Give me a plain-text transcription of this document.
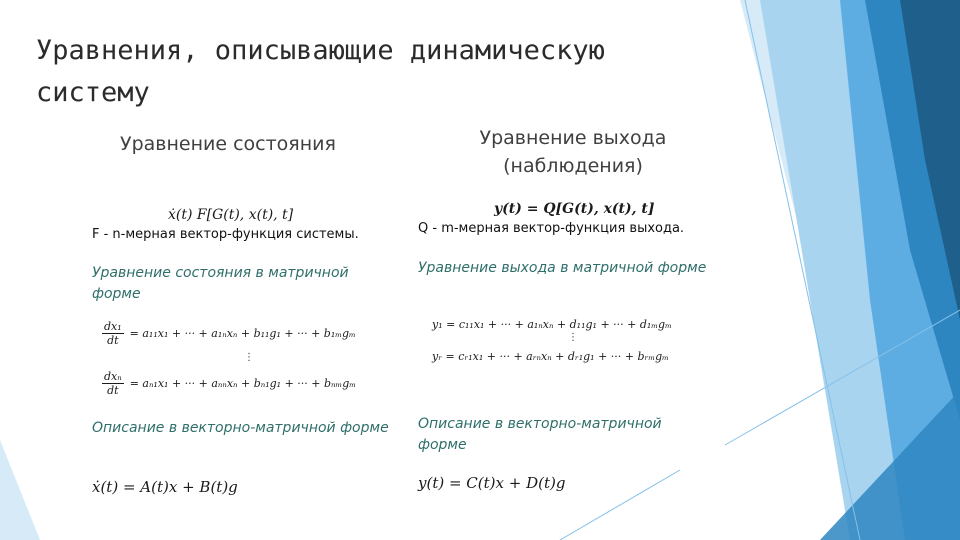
Уравнения, описывающие динамическую систему
Уравнение состояния
ẋ(t) F[G(t), x(t), t]
F - n-мерная вектор-функция системы.
Уравнение состояния в матричной форме
$\frac{\text{dx₁}}{dt} = a_{11}x_1$ + ··· + a₁ₙxₙ + b₁₁g₁ + ··· + b₁ₘgₘ
⋮
$\frac{\text{dxₙ}}{dt} = a_{n1}x_1$ + ··· + aₙₙxₙ + bₙ₁g₁ + ··· + bₙₘgₘ
Описание в векторно-матричной форме
ẋ(t) = A(t)x + B(t)g
Уравнение выхода (наблюдения)
y(t) = Q[G(t), x(t), t]
Q - m-мерная вектор-функция выхода.
Уравнение выхода в матричной форме
y₁ = c₁₁x₁ + ··· + a₁ₙxₙ + d₁₁g₁ + ··· + d₁ₘgₘ
⋮
yᵣ = cᵣ₁x₁ + ··· + aᵣₙxₙ + dᵣ₁g₁ + ··· + bᵣₘgₘ
Описание в векторно-матричной форме
y(t) = C(t)x + D(t)g
